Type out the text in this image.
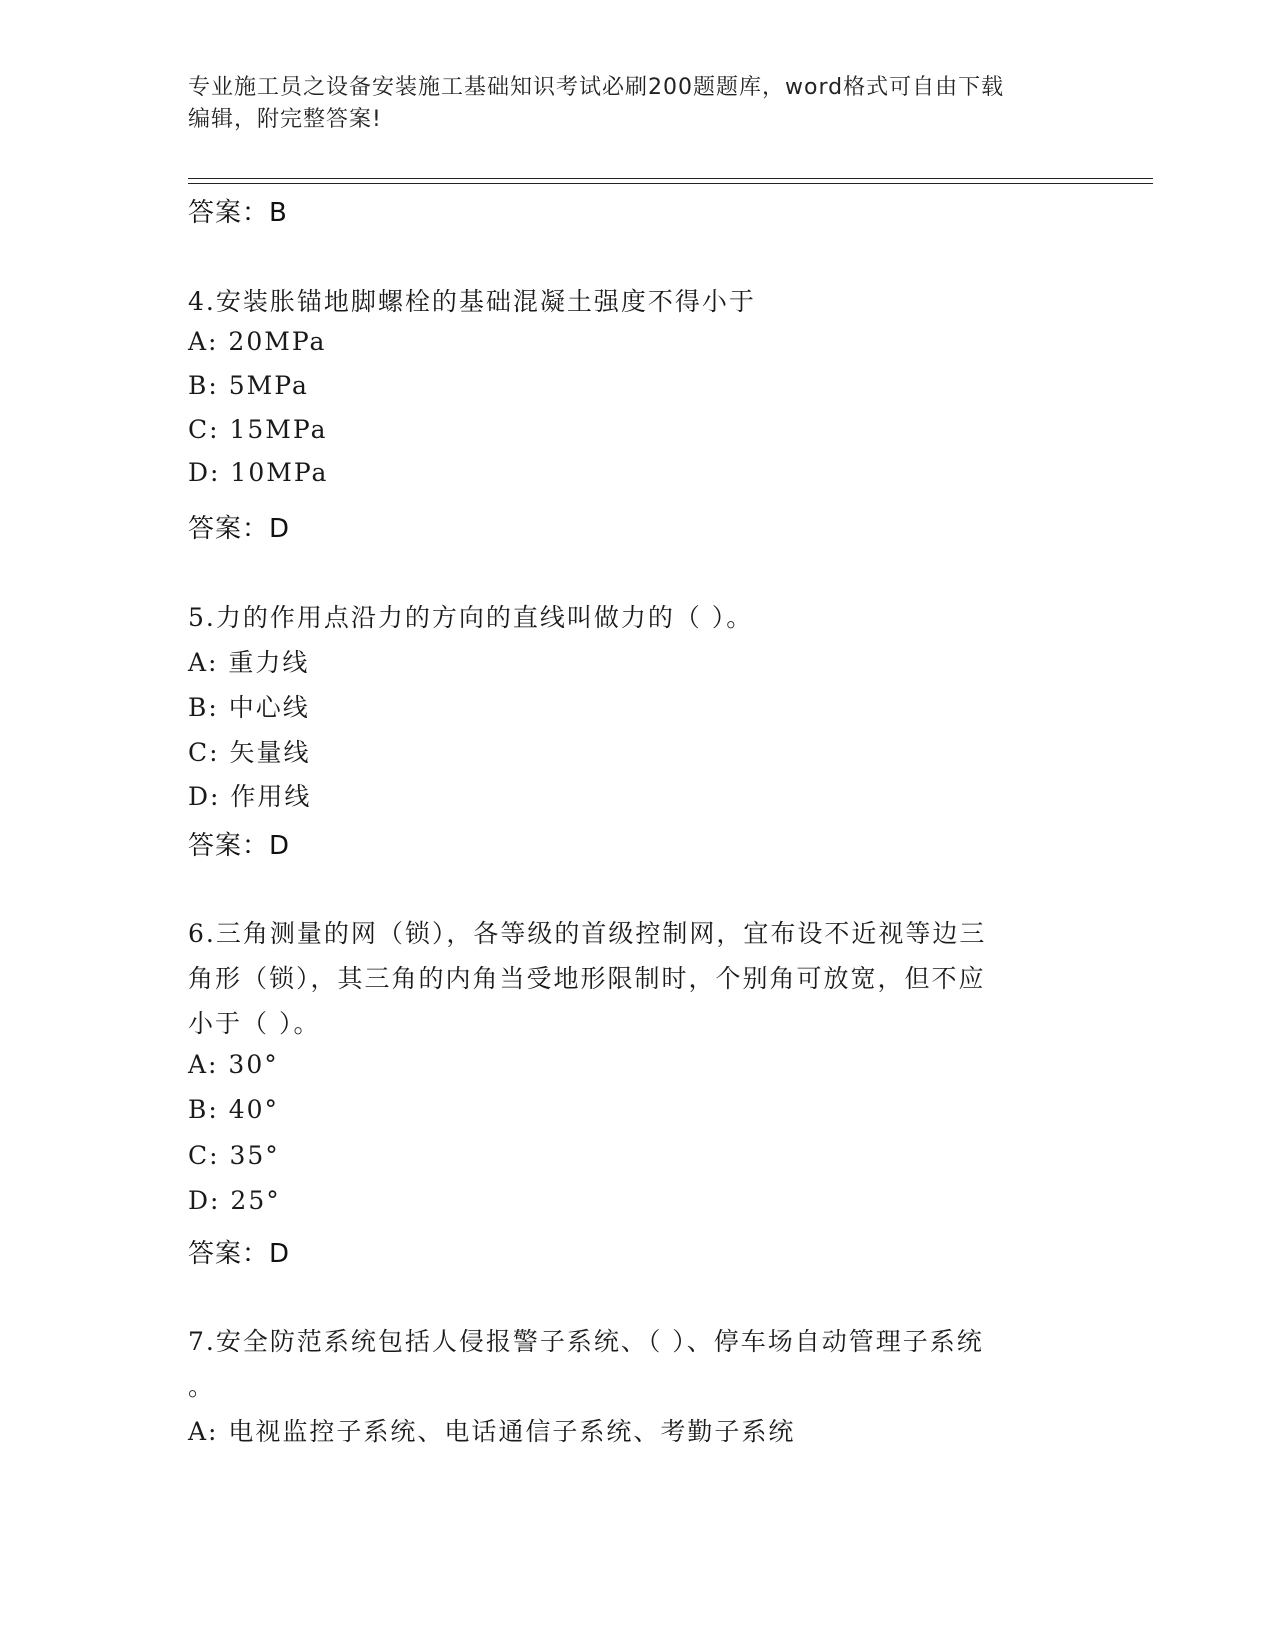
专业施工员之设备安装施工基础知识考试必刷200题题库，word格式可自由下载
编辑，附完整答案!
答案：B
4.安装胀锚地脚螺栓的基础混凝土强度不得小于
A: 20MPa
B: 5MPa
C: 15MPa
D: 10MPa
答案：D
5.力的作用点沿力的方向的直线叫做力的（ ）。
A: 重力线
B: 中心线
C: 矢量线
D: 作用线
答案：D
6.三角测量的网（锁），各等级的首级控制网，宜布设不近视等边三
角形（锁），其三角的内角当受地形限制时，个别角可放宽，但不应
小于（ ）。
A: 30°
B: 40°
C: 35°
D: 25°
答案：D
7.安全防范系统包括人侵报警子系统、（ ）、停车场自动管理子系统
。
A: 电视监控子系统、电话通信子系统、考勤子系统
